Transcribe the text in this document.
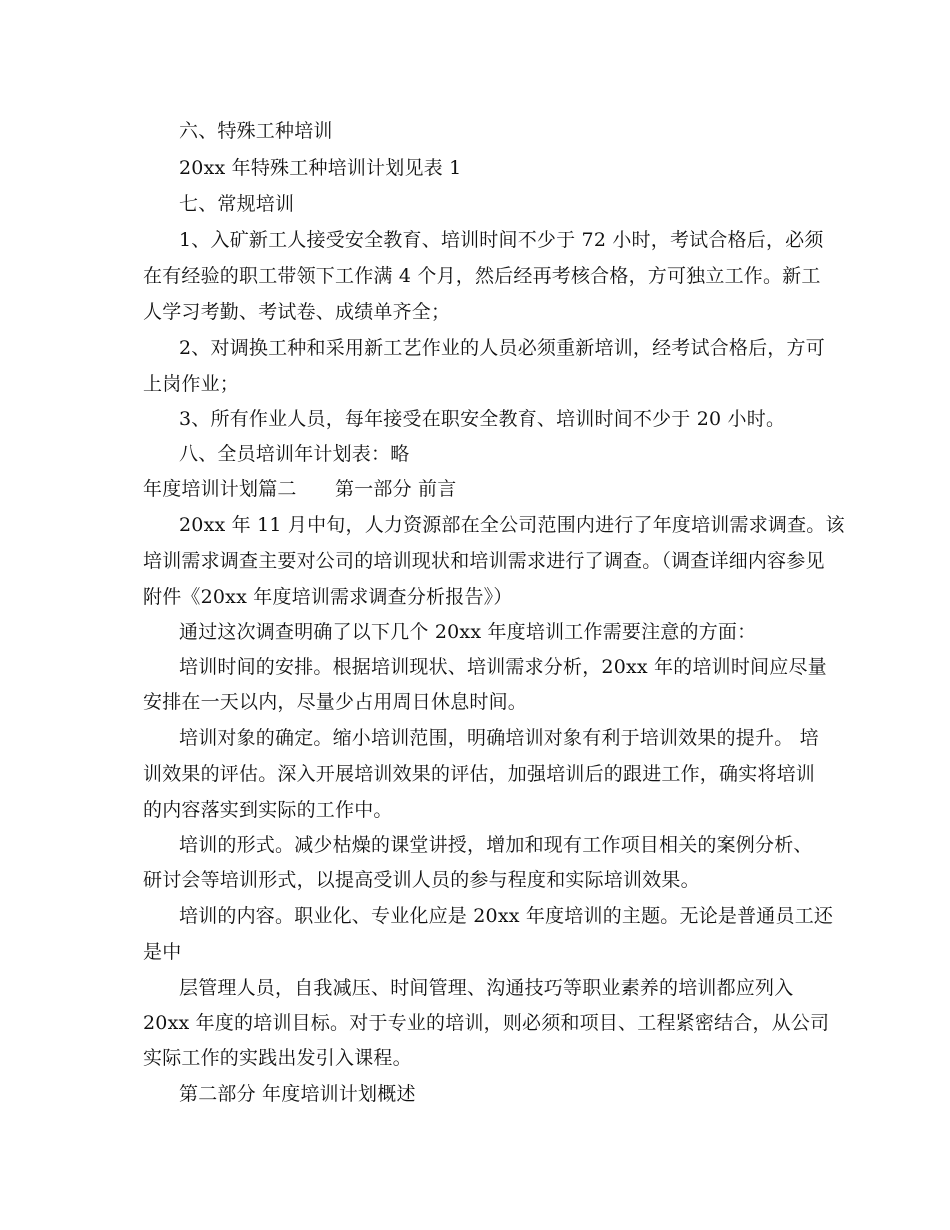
六、特殊工种培训
20xx 年特殊工种培训计划见表 1
七、常规培训
1、入矿新工人接受安全教育、培训时间不少于 72 小时，考试合格后，必须
在有经验的职工带领下工作满 4 个月，然后经再考核合格，方可独立工作。新工
人学习考勤、考试卷、成绩单齐全；
2、对调换工种和采用新工艺作业的人员必须重新培训，经考试合格后，方可
上岗作业；
3、所有作业人员，每年接受在职安全教育、培训时间不少于 20 小时。
八、全员培训年计划表：略
年度培训计划篇二　　第一部分 前言
20xx 年 11 月中旬，人力资源部在全公司范围内进行了年度培训需求调查。该
培训需求调查主要对公司的培训现状和培训需求进行了调查。（调查详细内容参见
附件《20xx 年度培训需求调查分析报告》）
通过这次调查明确了以下几个 20xx 年度培训工作需要注意的方面：
培训时间的安排。根据培训现状、培训需求分析，20xx 年的培训时间应尽量
安排在一天以内，尽量少占用周日休息时间。
培训对象的确定。缩小培训范围，明确培训对象有利于培训效果的提升。 培
训效果的评估。深入开展培训效果的评估，加强培训后的跟进工作，确实将培训
的内容落实到实际的工作中。
培训的形式。减少枯燥的课堂讲授，增加和现有工作项目相关的案例分析、
研讨会等培训形式，以提高受训人员的参与程度和实际培训效果。
培训的内容。职业化、专业化应是 20xx 年度培训的主题。无论是普通员工还
是中
层管理人员，自我减压、时间管理、沟通技巧等职业素养的培训都应列入
20xx 年度的培训目标。对于专业的培训，则必须和项目、工程紧密结合，从公司
实际工作的实践出发引入课程。
第二部分 年度培训计划概述
